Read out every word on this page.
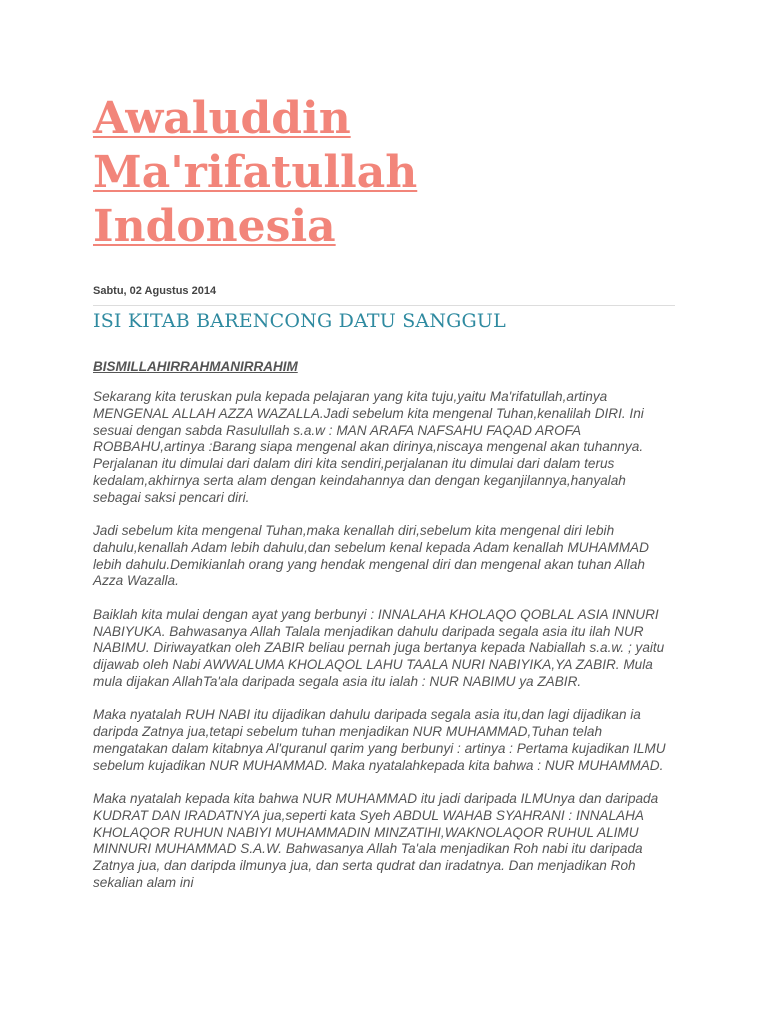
Awaluddin
Ma'rifatullah
Indonesia
Sabtu, 02 Agustus 2014
ISI KITAB BARENCONG DATU SANGGUL
BISMILLAHIRRAHMANIRRAHIM

Sekarang kita teruskan pula kepada pelajaran yang kita tuju,yaitu Ma'rifatullah,artinya MENGENAL ALLAH AZZA WAZALLA.Jadi sebelum kita mengenal Tuhan,kenalilah DIRI. Ini sesuai dengan sabda Rasulullah s.a.w : MAN ARAFA NAFSAHU FAQAD AROFA ROBBAHU,artinya :Barang siapa mengenal akan dirinya,niscaya mengenal akan tuhannya. Perjalanan itu dimulai dari dalam diri kita sendiri,perjalanan itu dimulai dari dalam terus kedalam,akhirnya serta alam dengan keindahannya dan dengan keganjilannya,hanyalah sebagai saksi pencari diri.

Jadi sebelum kita mengenal Tuhan,maka kenallah diri,sebelum kita mengenal diri lebih dahulu,kenallah Adam lebih dahulu,dan sebelum kenal kepada Adam kenallah MUHAMMAD lebih dahulu.Demikianlah orang yang hendak mengenal diri dan mengenal akan tuhan Allah Azza Wazalla.

Baiklah kita mulai dengan ayat yang berbunyi : INNALAHA KHOLAQO QOBLAL ASIA INNURI NABIYUKA. Bahwasanya Allah Talala menjadikan dahulu daripada segala asia itu ilah NUR NABIMU. Diriwayatkan oleh ZABIR beliau pernah juga bertanya kepada Nabiallah s.a.w. ; yaitu dijawab oleh Nabi AWWALUMA KHOLAQOL LAHU TAALA NURI NABIYIKA,YA ZABIR. Mula mula dijakan AllahTa'ala daripada segala asia itu ialah : NUR NABIMU ya ZABIR.

Maka nyatalah RUH NABI itu dijadikan dahulu daripada segala asia itu,dan lagi dijadikan ia daripda Zatnya jua,tetapi sebelum tuhan menjadikan NUR MUHAMMAD,Tuhan telah mengatakan dalam kitabnya Al'quranul qarim yang berbunyi : artinya : Pertama kujadikan ILMU sebelum kujadikan NUR MUHAMMAD. Maka nyatalahkepada kita bahwa : NUR MUHAMMAD.

Maka nyatalah kepada kita bahwa NUR MUHAMMAD itu jadi daripada ILMUnya dan daripada KUDRAT DAN IRADATNYA jua,seperti kata Syeh ABDUL WAHAB SYAHRANI : INNALAHA KHOLAQOR RUHUN NABIYI MUHAMMADIN MINZATIHI,WAKNOLAQOR RUHUL ALIMU MINNURI MUHAMMAD S.A.W. Bahwasanya Allah Ta'ala menjadikan Roh nabi itu daripada Zatnya jua, dan daripda ilmunya jua, dan serta qudrat dan iradatnya. Dan menjadikan Roh sekalian alam ini
